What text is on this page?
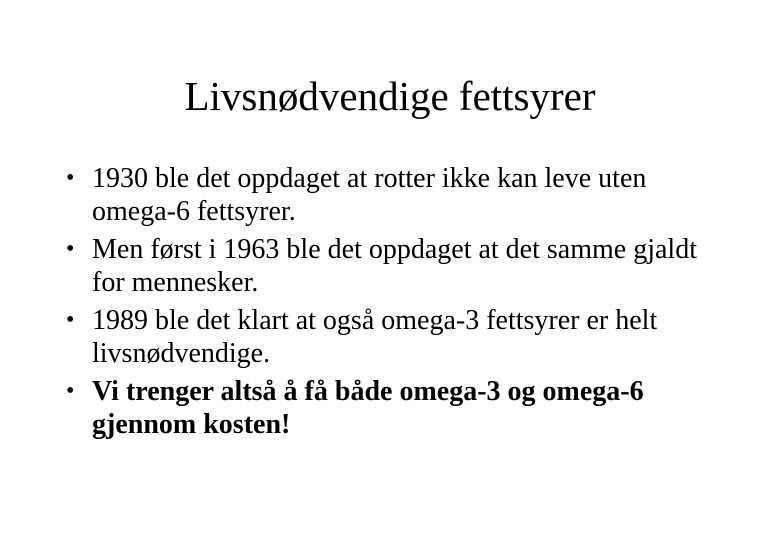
Livsnødvendige fettsyrer
• 1930 ble det oppdaget at rotter ikke kan leve uten omega-6 fettsyrer.
• Men først i 1963 ble det oppdaget at det samme gjaldt for mennesker.
• 1989 ble det klart at også omega-3 fettsyrer er helt livsnødvendige.
• Vi trenger altså å få både omega-3 og omega-6 gjennom kosten!
